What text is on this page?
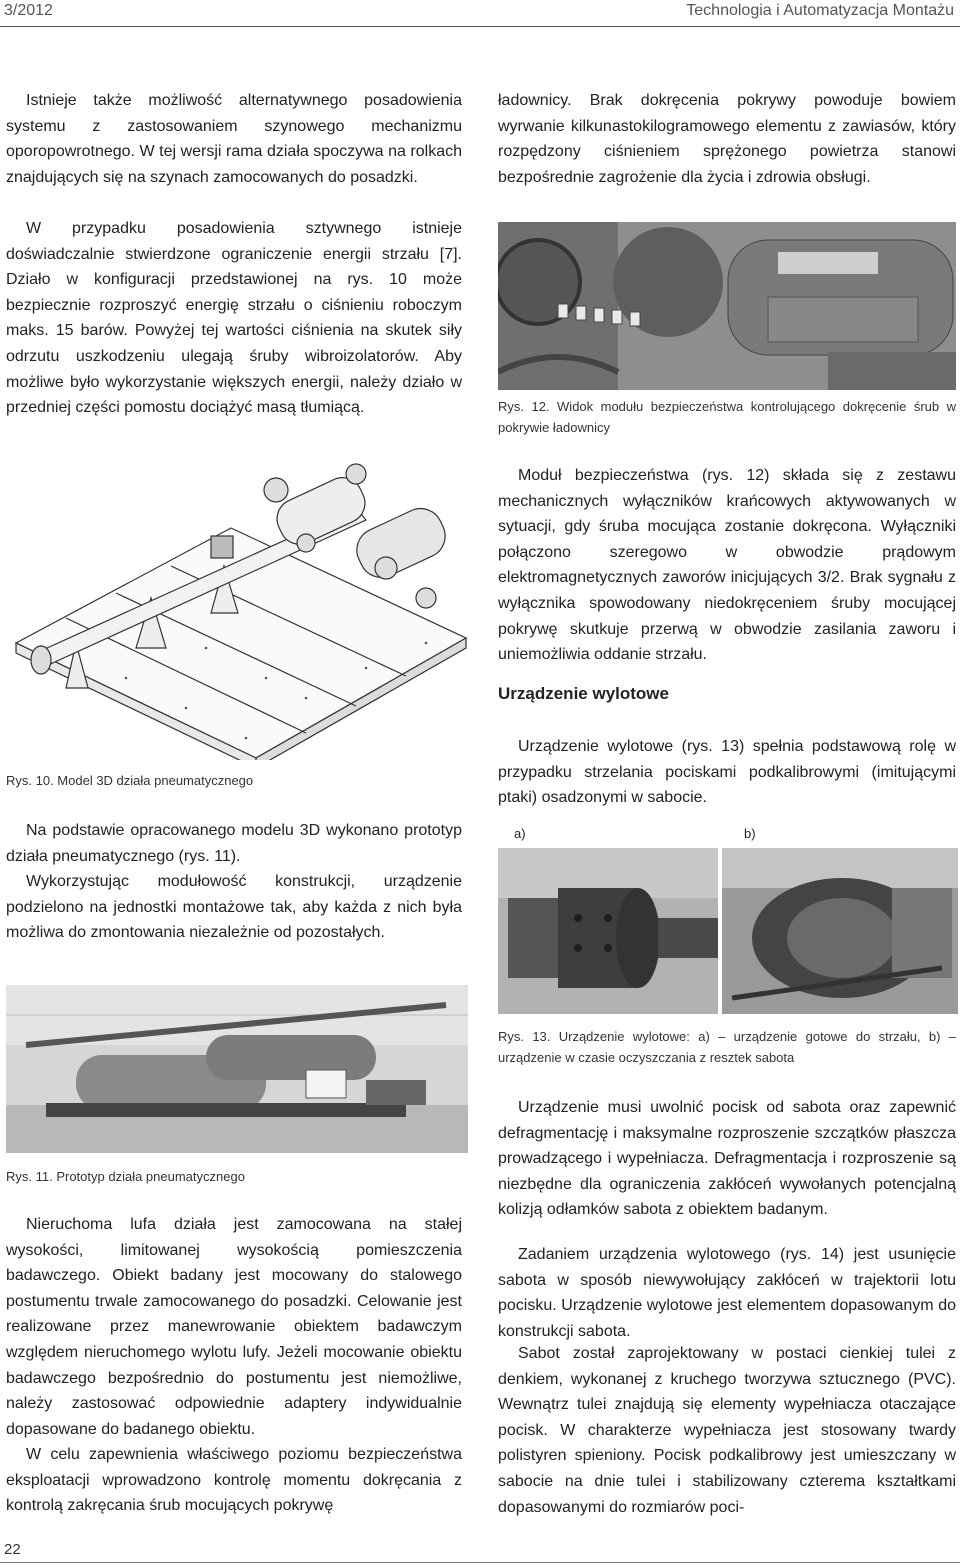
3/2012	Technologia i Automatyzacja Montażu

Istnieje także możliwość alternatywnego posadowienia systemu z zastosowaniem szynowego mechanizmu oporopowrotnego. W tej wersji rama działa spoczywa na rolkach znajdujących się na szynach zamocowanych do posadzki.

W przypadku posadowienia sztywnego istnieje doświadczalnie stwierdzone ograniczenie energii strzału [7]. Działo w konfiguracji przedstawionej na rys. 10 może bezpiecznie rozproszyć energię strzału o ciśnieniu roboczym maks. 15 barów. Powyżej tej wartości ciśnienia na skutek siły odrzutu uszkodzeniu ulegają śruby wibroizolatorów. Aby możliwe było wykorzystanie większych energii, należy działo w przedniej części pomostu dociążyć masą tłumiącą.

Rys. 10. Model 3D działa pneumatycznego

Na podstawie opracowanego modelu 3D wykonano prototyp działa pneumatycznego (rys. 11).

Wykorzystując modułowość konstrukcji, urządzenie podzielono na jednostki montażowe tak, aby każda z nich była możliwa do zmontowania niezależnie od pozostałych.

Rys. 11. Prototyp działa pneumatycznego

Nieruchoma lufa działa jest zamocowana na stałej wysokości, limitowanej wysokością pomieszczenia badawczego. Obiekt badany jest mocowany do stalowego postumentu trwale zamocowanego do posadzki. Celowanie jest realizowane przez manewrowanie obiektem badawczym względem nieruchomego wylotu lufy. Jeżeli mocowanie obiektu badawczego bezpośrednio do postumentu jest niemożliwe, należy zastosować odpowiednie adaptery indywidualnie dopasowane do badanego obiektu.

W celu zapewnienia właściwego poziomu bezpieczeństwa eksploatacji wprowadzono kontrolę momentu dokręcania z kontrolą zakręcania śrub mocujących pokrywę

ładownicy. Brak dokręcenia pokrywy powoduje bowiem wyrwanie kilkunastokilogramowego elementu z zawiasów, który rozpędzony ciśnieniem sprężonego powietrza stanowi bezpośrednie zagrożenie dla życia i zdrowia obsługi.

Rys. 12. Widok modułu bezpieczeństwa kontrolującego dokręcenie śrub w pokrywie ładownicy

Moduł bezpieczeństwa (rys. 12) składa się z zestawu mechanicznych wyłączników krańcowych aktywowanych w sytuacji, gdy śruba mocująca zostanie dokręcona. Wyłączniki połączono szeregowo w obwodzie prądowym elektromagnetycznych zaworów inicjujących 3/2. Brak sygnału z wyłącznika spowodowany niedokręceniem śruby mocującej pokrywę skutkuje przerwą w obwodzie zasilania zaworu i uniemożliwia oddanie strzału.

Urządzenie wylotowe

Urządzenie wylotowe (rys. 13) spełnia podstawową rolę w przypadku strzelania pociskami podkalibrowymi (imitującymi ptaki) osadzonymi w sabocie.

a)	b)

Rys. 13. Urządzenie wylotowe: a) – urządzenie gotowe do strzału, b) – urządzenie w czasie oczyszczania z resztek sabota

Urządzenie musi uwolnić pocisk od sabota oraz zapewnić defragmentację i maksymalne rozproszenie szczątków płaszcza prowadzącego i wypełniacza. Defragmentacja i rozproszenie są niezbędne dla ograniczenia zakłóceń wywołanych potencjalną kolizją odłamków sabota z obiektem badanym.

Zadaniem urządzenia wylotowego (rys. 14) jest usunięcie sabota w sposób niewywołujący zakłóceń w trajektorii lotu pocisku. Urządzenie wylotowe jest elementem dopasowanym do konstrukcji sabota.

Sabot został zaprojektowany w postaci cienkiej tulei z denkiem, wykonanej z kruchego tworzywa sztucznego (PVC). Wewnątrz tulei znajdują się elementy wypełniacza otaczające pocisk. W charakterze wypełniacza jest stosowany twardy polistyren spieniony. Pocisk podkalibrowy jest umieszczany w sabocie na dnie tulei i stabilizowany czterema kształtkami dopasowanymi do rozmiarów poci-

22
